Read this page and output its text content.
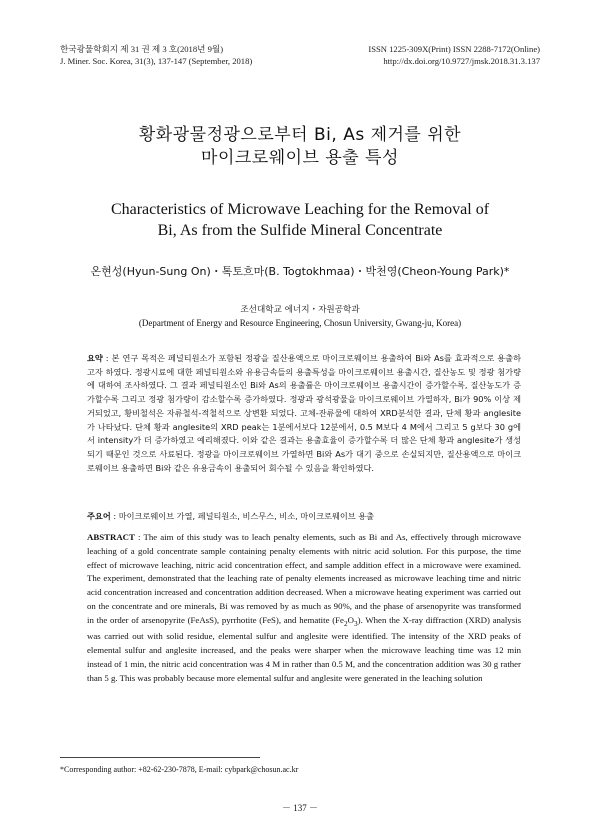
한국광물학회지 제 31 권 제 3 호(2018년 9월)
J. Miner. Soc. Korea, 31(3), 137-147 (September, 2018)
ISSN 1225-309X(Print) ISSN 2288-7172(Online)
http://dx.doi.org/10.9727/jmsk.2018.31.3.137
황화광물정광으로부터 Bi, As 제거를 위한
마이크로웨이브 용출 특성
Characteristics of Microwave Leaching for the Removal of
Bi, As from the Sulfide Mineral Concentrate
온현성(Hyun-Sung On)・톡토흐마(B. Togtokhmaa)・박천영(Cheon-Young Park)*
조선대학교 에너지・자원공학과
(Department of Energy and Resource Engineering, Chosun University, Gwang-ju, Korea)
요약 : 본 연구 목적은 페널티원소가 포함된 정광을 질산용액으로 마이크로웨이브 용출하여 Bi와 As를 효과적으로 용출하고자 하였다. 정광시료에 대한 페널티원소와 유용금속들의 용출특성을 마이크로웨이브 용출시간, 질산농도 및 정광 첨가량에 대하여 조사하였다. 그 결과 페널티원소인 Bi와 As의 용출률은 마이크로웨이브 용출시간이 증가할수록, 질산농도가 증가할수록 그리고 정광 첨가량이 감소할수록 증가하였다. 정광과 광석광물을 마이크로웨이브 가열하자, Bi가 90% 이상 제거되었고, 황비철석은 자류철석-적철석으로 상변환 되었다. 고체-잔류물에 대하여 XRD분석한 결과, 단체 황과 anglesite가 나타났다. 단체 황과 anglesite의 XRD peak는 1분에서보다 12분에서, 0.5 M보다 4 M에서 그리고 5 g보다 30 g에서 intensity가 더 증가하였고 예리해졌다. 이와 같은 결과는 용출효율이 증가할수록 더 많은 단체 황과 anglesite가 생성되기 때문인 것으로 사료된다. 정광을 마이크로웨이브 가열하면 Bi와 As가 대기 중으로 손실되지만, 질산용액으로 마이크로웨이브 용출하면 Bi와 같은 유용금속이 용출되어 회수될 수 있음을 확인하였다.
주요어 : 마이크로웨이브 가열, 페널티원소, 비스무스, 비소, 마이크로웨이브 용출
ABSTRACT : The aim of this study was to leach penalty elements, such as Bi and As, effectively through microwave leaching of a gold concentrate sample containing penalty elements with nitric acid solution. For this purpose, the time effect of microwave leaching, nitric acid concentration effect, and sample addition effect in a microwave were examined. The experiment, demonstrated that the leaching rate of penalty elements increased as microwave leaching time and nitric acid concentration increased and concentration addition decreased. When a microwave heating experiment was carried out on the concentrate and ore minerals, Bi was removed by as much as 90%, and the phase of arsenopyrite was transformed in the order of arsenopyrite (FeAsS), pyrrhotite (FeS), and hematite $(Fe_2O_3)$. When the X-ray diffraction (XRD) analysis was carried out with solid residue, elemental sulfur and anglesite were identified. The intensity of the XRD peaks of elemental sulfur and anglesite increased, and the peaks were sharper when the microwave leaching time was 12 min instead of 1 min, the nitric acid concentration was 4 M in rather than 0.5 M, and the concentration addition was 30 g rather than 5 g. This was probably because more elemental sulfur and anglesite were generated in the leaching solution
*Corresponding author: +82-62-230-7878, E-mail: cybpark@chosun.ac.kr
－ 137 －
